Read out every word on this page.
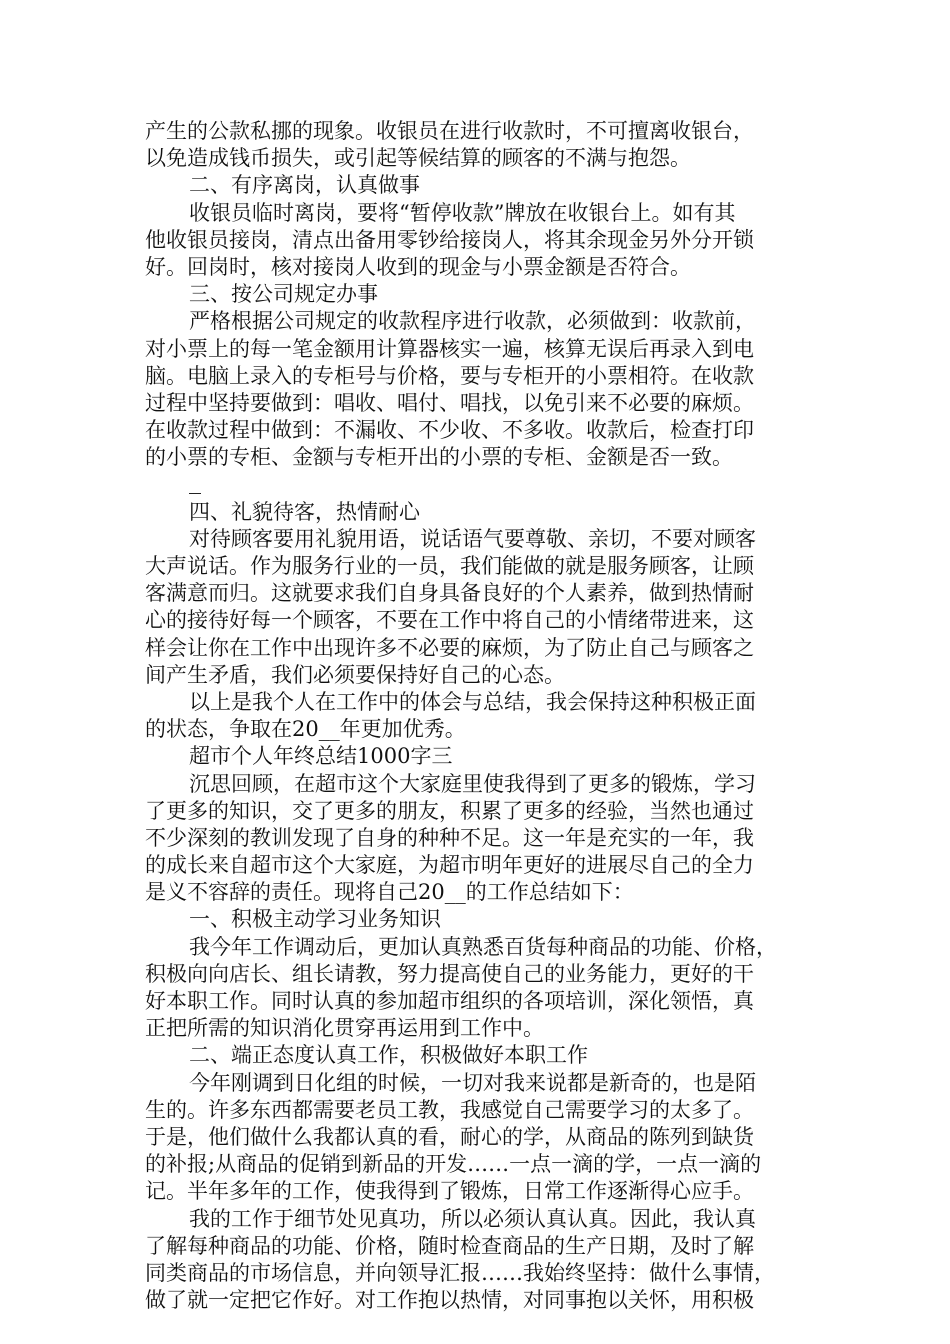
产生的公款私挪的现象。收银员在进行收款时，不可擅离收银台，
以免造成钱币损失，或引起等候结算的顾客的不满与抱怨。
二、有序离岗，认真做事
收银员临时离岗，要将“暂停收款”牌放在收银台上。如有其
他收银员接岗，清点出备用零钞给接岗人，将其余现金另外分开锁
好。回岗时，核对接岗人收到的现金与小票金额是否符合。
三、按公司规定办事
严格根据公司规定的收款程序进行收款，必须做到：收款前，
对小票上的每一笔金额用计算器核实一遍，核算无误后再录入到电
脑。电脑上录入的专柜号与价格，要与专柜开的小票相符。在收款
过程中坚持要做到：唱收、唱付、唱找，以免引来不必要的麻烦。
在收款过程中做到：不漏收、不少收、不多收。收款后，检查打印
的小票的专柜、金额与专柜开出的小票的专柜、金额是否一致。
四、礼貌待客，热情耐心
对待顾客要用礼貌用语，说话语气要尊敬、亲切，不要对顾客
大声说话。作为服务行业的一员，我们能做的就是服务顾客，让顾
客满意而归。这就要求我们自身具备良好的个人素养，做到热情耐
心的接待好每一个顾客，不要在工作中将自己的小情绪带进来，这
样会让你在工作中出现许多不必要的麻烦，为了防止自己与顾客之
间产生矛盾，我们必须要保持好自己的心态。
以上是我个人在工作中的体会与总结，我会保持这种积极正面
的状态，争取在20__年更加优秀。
超市个人年终总结1000字三
沉思回顾，在超市这个大家庭里使我得到了更多的锻炼，学习
了更多的知识，交了更多的朋友，积累了更多的经验，当然也通过
不少深刻的教训发现了自身的种种不足。这一年是充实的一年，我
的成长来自超市这个大家庭，为超市明年更好的进展尽自己的全力
是义不容辞的责任。现将自己20__的工作总结如下：
一、积极主动学习业务知识
我今年工作调动后，更加认真熟悉百货每种商品的功能、价格，
积极向向店长、组长请教，努力提高使自己的业务能力，更好的干
好本职工作。同时认真的参加超市组织的各项培训，深化领悟，真
正把所需的知识消化贯穿再运用到工作中。
二、端正态度认真工作，积极做好本职工作
今年刚调到日化组的时候，一切对我来说都是新奇的，也是陌
生的。许多东西都需要老员工教，我感觉自己需要学习的太多了。
于是，他们做什么我都认真的看，耐心的学，从商品的陈列到缺货
的补报;从商品的促销到新品的开发……一点一滴的学，一点一滴的
记。半年多年的工作，使我得到了锻炼，日常工作逐渐得心应手。
我的工作于细节处见真功，所以必须认真认真。因此，我认真
了解每种商品的功能、价格，随时检查商品的生产日期，及时了解
同类商品的市场信息，并向领导汇报……我始终坚持：做什么事情，
做了就一定把它作好。对工作抱以热情，对同事抱以关怀，用积极
